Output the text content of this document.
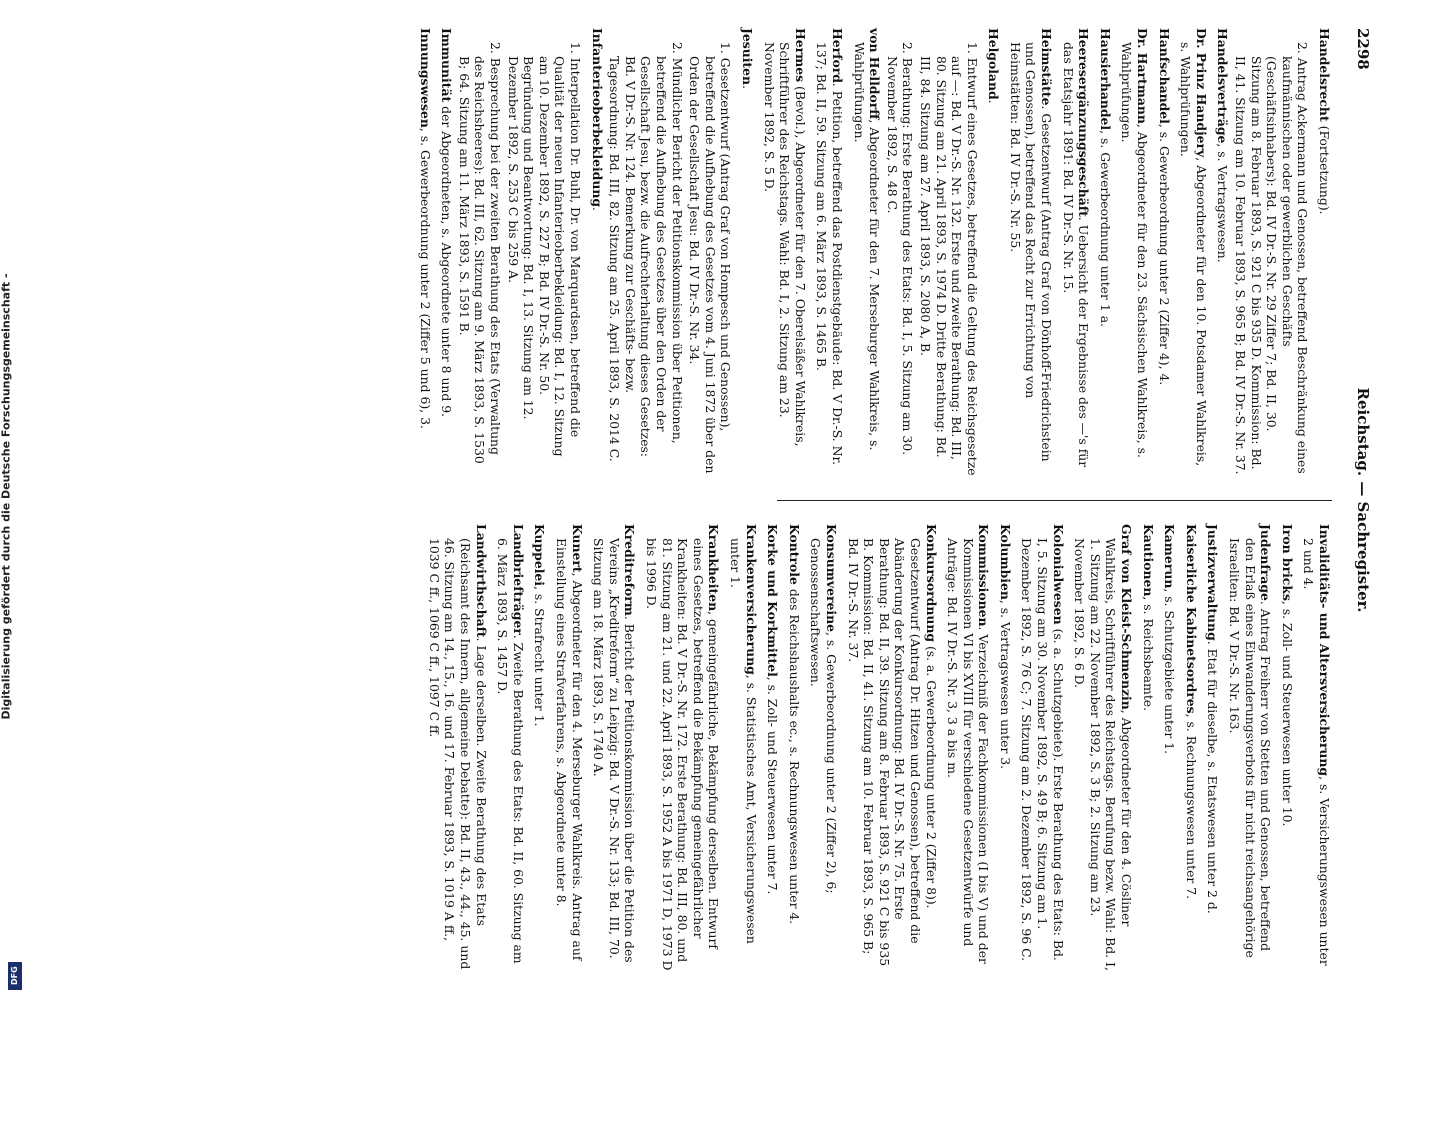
2298
Reichstag. — Sachregister.
Handelsrecht (Fortsetzung).
2. Antrag Ackermann und Genossen, betreffend Beschränkung eines kaufmännischen oder gewerblichen Geschäfts (Geschäftsinhabers): Bd. IV Dr.-S. Nr. 29 Ziffer 7; Bd. II, 30. Sitzung am 8. Februar 1893, S. 921 C bis 935 D. Kommission: Bd. II, 41. Sitzung am 10. Februar 1893, S. 965 B; Bd. IV Dr.-S. Nr. 37.
Handelsverträge, s. Vertragswesen.
Dr. Prinz Handjery, Abgeordneter für den 10. Potsdamer Wahlkreis, s. Wahlprüfungen.
Hanfschandel, s. Gewerbeordnung unter 2 (Ziffer 4), 4.
Dr. Hartmann, Abgeordneter für den 23. Sächsischen Wahlkreis, s. Wahlprüfungen.
Hausierhandel, s. Gewerbeordnung unter 1 a.
Heeresergänzungsgeschäft. Uebersicht der Ergebnisse des —'s für das Etatsjahr 1891: Bd. IV Dr.-S. Nr. 15.
Heimstätte. Gesetzentwurf (Antrag Graf von Dönhoff-Friedrichstein und Genossen), betreffend das Recht zur Errichtung von Heimstätten: Bd. IV Dr.-S. Nr. 55.
Helgoland.
1. Entwurf eines Gesetzes, betreffend die Geltung des Reichsgesetze auf —: Bd. V Dr.-S. Nr. 132. Erste und zweite Berathung: Bd. III, 80. Sitzung am 21. April 1893, S. 1974 D. Dritte Berathung: Bd. III, 84. Sitzung am 27. April 1893, S. 2080 A, B.
2. Berathung: Erste Berathung des Etats: Bd. I, 5. Sitzung am 30. November 1892, S. 48 C.
von Helldorff, Abgeordneter für den 7. Merseburger Wahlkreis, s. Wahlprüfungen.
Herford. Petition, betreffend das Postdienstgebäude: Bd. V Dr.-S. Nr. 137; Bd. II, 59. Sitzung am 6. März 1893, S. 1465 B.
Hermes (Bevol.), Abgeordneter für den 7. Oberelsäßer Wahlkreis, Schriftführer des Reichstags. Wahl: Bd. I, 2. Sitzung am 23. November 1892, S. 5 D.
Jesuiten.
1. Gesetzentwurf (Antrag Graf von Hompesch und Genossen), betreffend die Aufhebung des Gesetzes vom 4. Juni 1872 über den Orden der Gesellschaft Jesu: Bd. IV Dr.-S. Nr. 34.
2. Mündlicher Bericht der Petitionskommission über Petitionen, betreffend die Aufhebung des Gesetzes über den Orden der Gesellschaft Jesu, bezw. die Aufrechterhaltung dieses Gesetzes: Bd. V Dr.-S. Nr. 124. Bemerkung zur Geschäfts- bezw. Tagesordnung: Bd. III, 82. Sitzung am 25. April 1893, S. 2014 C.
Infanterieoberbekleidung.
1. Interpellation Dr. Buhl, Dr. von Marquardsen, betreffend die Qualität der neuen Infanterieoberbekleidung: Bd. I, 12. Sitzung am 10. Dezember 1892, S. 227 B; Bd. IV Dr.-S. Nr. 50. Begründung und Beantwortung: Bd. I, 13. Sitzung am 12. Dezember 1892, S. 253 C bis 259 A.
2. Besprechung bei der zweiten Berathung des Etats (Verwaltung des Reichsheeres): Bd. III, 62. Sitzung am 9. März 1893, S. 1530 B; 64. Sitzung am 11. März 1893, S. 1591 B.
Immunität der Abgeordneten, s. Abgeordnete unter 8 und 9.
Innungswesen, s. Gewerbeordnung unter 2 (Ziffer 5 und 6), 3.
Invaliditäts- und Altersversicherung, s. Versicherungswesen unter 2 und 4.
Iron bricks, s. Zoll- und Steuerwesen unter 10.
Judenfrage. Antrag Freiherr von Stetten und Genossen, betreffend den Erlaß eines Einwanderungsverbots für nicht reichsangehörige Israeliten: Bd. V Dr.-S. Nr. 163.
Justizverwaltung. Etat für dieselbe, s. Etatswesen unter 2 d.
Kaiserliche Kabinetsordres, s. Rechnungswesen unter 7.
Kamerun, s. Schutzgebiete unter 1.
Kautionen, s. Reichsbeamte.
Graf von Kleist-Schmenzin, Abgeordneter für den 4. Cösliner Wahlkreis, Schriftführer des Reichstags. Berufung bezw. Wahl: Bd. I, 1. Sitzung am 22. November 1892, S. 3 B; 2. Sitzung am 23. November 1892, S. 6 D.
Kolonialwesen (s. a. Schutzgebiete). Erste Berathung des Etats: Bd. I, 5. Sitzung am 30. November 1892, S. 49 B; 6. Sitzung am 1. Dezember 1892, S. 76 C; 7. Sitzung am 2. Dezember 1892, S. 96 C.
Kolumbien, s. Vertragswesen unter 3.
Kommissionen. Verzeichniß der Fachkommissionen (I bis V) und der Kommissionen VI bis XVIII für verschiedene Gesetzentwürfe und Anträge: Bd. IV Dr.-S. Nr. 3, 3 a bis m.
Konkursordnung (s. a. Gewerbeordnung unter 2 (Ziffer 8)). Gesetzentwurf (Antrag Dr. Hitzen und Genossen), betreffend die Abänderung der Konkursordnung: Bd. IV Dr.-S. Nr. 75. Erste Berathung: Bd. II, 39. Sitzung am 8. Februar 1893, S. 921 C bis 935 B. Kommission: Bd. II, 41. Sitzung am 10. Februar 1893, S. 965 B; Bd. IV Dr.-S. Nr. 37.
Konsumvereine, s. Gewerbeordnung unter 2 (Ziffer 2), 6; Genossenschaftswesen.
Kontrole des Reichshaushalts ec., s. Rechnungswesen unter 4.
Korke und Korkmittel, s. Zoll- und Steuerwesen unter 7.
Krankenversicherung, s. Statistisches Amt, Versicherungswesen unter 1.
Krankheiten, gemeingefährliche, Bekämpfung derselben. Entwurf eines Gesetzes, betreffend die Bekämpfung gemeingefährlicher Krankheiten: Bd. V Dr.-S. Nr. 172. Erste Berathung: Bd. III, 80. und 81. Sitzung am 21. und 22. April 1893, S. 1952 A bis 1971 D, 1973 D bis 1996 D.
Kreditreform. Bericht der Petitionskommission über die Petition des Vereins „Kreditreform“ zu Leipzig: Bd. V Dr.-S. Nr. 133; Bd. III, 70. Sitzung am 18. März 1893, S. 1740 A.
Kunert, Abgeordneter für den 4. Merseburger Wahlkreis. Antrag auf Einstellung eines Strafverfahrens, s. Abgeordnete unter 8.
Kuppelei, s. Strafrecht unter 1.
Landbriefträger. Zweite Berathung des Etats: Bd. II, 60. Sitzung am 6. März 1893, S. 1457 D.
Landwirthschaft. Lage derselben. Zweite Berathung des Etats (Reichsamt des Innern, allgemeine Debatte): Bd. II, 43., 44., 45. und 46. Sitzung am 14., 15., 16. und 17. Februar 1893, S. 1019 A ff., 1039 C ff., 1069 C ff., 1097 C ff.
Digitalisierung gefördert durch die Deutsche Forschungsgemeinschaft -
DFG
